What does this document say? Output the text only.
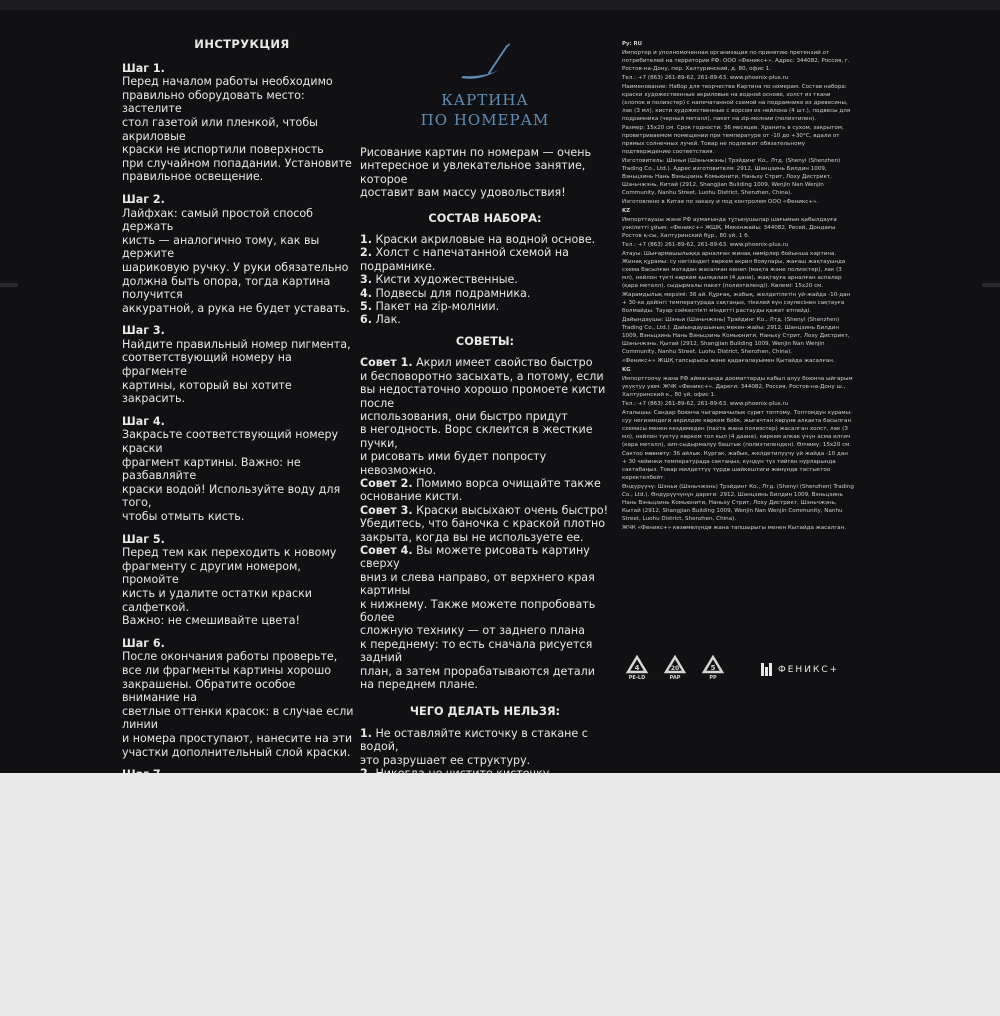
ИНСТРУКЦИЯ
Шаг 1.
Перед началом работы необходимо
правильно оборудовать место: застелите
стол газетой или пленкой, чтобы акриловые
краски не испортили поверхность
при случайном попадании. Установите
правильное освещение.
Шаг 2.
Лайфхак: самый простой способ держать
кисть — аналогично тому, как вы держите
шариковую ручку. У руки обязательно
должна быть опора, тогда картина получится
аккуратной, а рука не будет уставать.
Шаг 3.
Найдите правильный номер пигмента,
соответствующий номеру на фрагменте
картины, который вы хотите закрасить.
Шаг 4.
Закрасьте соответствующий номеру краски
фрагмент картины. Важно: не разбавляйте
краски водой! Используйте воду для того,
чтобы отмыть кисть.
Шаг 5.
Перед тем как переходить к новому
фрагменту с другим номером, промойте
кисть и удалите остатки краски салфеткой.
Важно: не смешивайте цвета!
Шаг 6.
После окончания работы проверьте,
все ли фрагменты картины хорошо
закрашены. Обратите особое внимание на
светлые оттенки красок: в случае если линии
и номера проступают, нанесите на эти
участки дополнительный слой краски.
Шаг 7.
Наносите лак широкими мазками, аккуратно
двигаясь сверху вниз, параллельно нижней
границы картины по номерам.
Рекомендуется брать немного лака на кисть,
чтобы избежать подтеков. После того как лак
нанесен на картину, промойте кисть
и протрите ее насухо.
Важно! Оттенки цветов готового
изделия могут незначительно
отличаться от изображения
на обложке из-за особенностей
цветопередачи.
КАРТИНА
ПО НОМЕРАМ
Рисование картин по номерам — очень
интересное и увлекательное занятие, которое
доставит вам массу удовольствия!
СОСТАВ НАБОРА:
1. Краски акриловые на водной основе.
2. Холст с напечатанной схемой на подрамнике.
3. Кисти художественные.
4. Подвесы для подрамника.
5. Пакет на zip-молнии.
6. Лак.
СОВЕТЫ:
Совет 1. Акрил имеет свойство быстро
и бесповоротно засыхать, а потому, если
вы недостаточно хорошо промоете кисти после
использования, они быстро придут
в негодность. Ворс склеится в жесткие пучки,
и рисовать ими будет попросту невозможно.
Совет 2. Помимо ворса очищайте также
основание кисти.
Совет 3. Краски высыхают очень быстро!
Убедитесь, что баночка с краской плотно
закрыта, когда вы не используете ее.
Совет 4. Вы можете рисовать картину сверху
вниз и слева направо, от верхнего края картины
к нижнему. Также можете попробовать более
сложную технику — от заднего плана
к переднему: то есть сначала рисуется задний
план, а затем прорабатываются детали
на переднем плане.
ЧЕГО ДЕЛАТЬ НЕЛЬЗЯ:
1. Не оставляйте кисточку в стакане с водой,
это разрушает ее структуру.
2. Никогда не чистите кисточку агрессивными
химическими средствами, это плохо скажется
на ее дальнейшем использовании.
3. Не используйте кисточку для размешивания
краски, это разрушает ее волокна.
4. Не счищайте засохшую на кисточке краску
ногтями — это повреждает ее ворсинки,
и они выпадают.

Ру: RU

Импортер и уполномоченная организация по принятию претензий от потребителей на территории РФ: ООО «Феникс+». Адрес: 344082, Россия, г. Ростов-на-Дону, пер. Халтуринский, д. 80, офис 1.

Тел.: +7 (863) 261-89-62, 261-89-63. www.phoenix-plus.ru

Наименование: Набор для творчества Картина по номерам. Состав набора: краски художественные акриловые на водной основе, холст из ткани (хлопок и полиэстер) с напечатанной схемой на подрамнике из древесины, лак (3 мл), кисти художественные с ворсом из нейлона (4 шт.), подвесы для подрамника (черный металл), пакет на zip-молнии (полиэтилен).

Размер: 15х20 см. Срок годности: 36 месяцев. Хранить в сухом, закрытом, проветриваемом помещении при температуре от -10 до +30°С, вдали от прямых солнечных лучей. Товар не подлежит обязательному подтверждению соответствия.

Изготовитель: Шэньи (Шэньчжэнь) Трэйдинг Ко., Лтд. (Shenyi (Shenzhen) Trading Co., Ltd.). Адрес изготовителя: 2912, Шанцзинь Билдин 1009, Вэньцзинь Нань Вэньцзинь Комьюнити, Наньху Стрит, Лоху Дистрикт, Шэньчжэнь, Китай (2912, Shangjian Building 1009, Wenjin Nan Wenjin Community, Nanhu Street, Luohu District, Shenzhen, China).

Изготовлено в Китае по заказу и под контролем ООО «Феникс+».

KZ

Импорттаушы және РФ аумағында тұтынушылар шағымын қабылдауға уәкілетті ұйым: «Феникс+» ЖШҚ. Мекенжайы: 344082, Ресей, Дондағы Ростов қ-сы, Халтуринский бұр., 80 үй, 1 б.

Тел.: +7 (863) 261-89-62, 261-89-63. www.phoenix-plus.ru

Атауы: Шығармашылыққа арналған жинақ нөмірлер бойынша картина. Жинақ құрамы: су негізіндегі көркем акрил бояулары, жағаш жақтауында схема басылған матадан жасалған кенеп (мақта және полиэстер), лак (3 мл), нейлон түкті көркем қылқалам (4 дана), жақтауға арналған аспалар (қара металл), сыдырмалы пакет (полиэтиленді). Көлемі: 15х20 см.

Жарамдылық мерзімі: 36 ай. Құрғақ, жабық, желдетілетін үй-жайда -10-дан + 30-ке дейінгі температурада сақтаңыз, тікелей күн сәулесінен сақтауға болмайды. Тауар сәйкестікті міндетті растауды қажет етпейді.

Дайындаушы: Шэньи (Шэньчжэнь) Трэйдинг Ко., Лтд. (Shenyi (Shenzhen) Trading Co., Ltd.). Дайындаушының мекен-жайы: 2912, Шанцзинь Билдин 1009, Вэньцзинь Нань Вэньцзинь Комьюнити, Наньху Стрит, Лоху Дистрикт, Шэньчжэнь, Қытай (2912, Shangjian Building 1009, Wenjin Nan Wenjin Community, Nanhu Street, Luohu District, Shenzhen, China).

«Феникс+» ЖШҚ тапсырысы және қадағалауымен Қытайда жасалған.

KG

Импорттоочу жана РФ аймагында дооматтарды кабыл алуу боюнча ыйгарым укуктуу уюм: ЖЧК «Феникс+». Дареги: 344082, Россия, Ростов-на-Дону ш., Халтуринский к., 80 үй, офис 1.

Тел.: +7 (863) 261-89-62, 261-89-63. www.phoenix-plus.ru

Аталышы: Сандар боюнча чыгармачылык сүрөт топтому. Топтомдун курамы: суу негизиндеги акрилдик көркем боёк, жыгачтан көрүнө алкакта басылган схемасы менен кездемеден (пахта жана полиэстер) жасалган холст, лак (3 мл), нейлон түктүү көркем тол кыл (4 даана), көркем алкак үчүн асма илгич (кара металл), зип-сыдырмалуу баштык (полиэтиленден). Өлчөмү: 15х20 см.

Сактоо мөөнөтү: 36 айлык. Кургак, жабык, желдетилүүчү үй жайда -10 дан + 30 чейинки температурада сактаңыз, күндүн түз тийген нурларында сактабаңыз. Товар милдеттүү түрдө шайкештиги жөнүндө тастыктоо керектелбейт.

Өндүрүүчү: Шэньи (Шэньчжэнь) Трэйдинг Ко., Лтд. (Shenyi (Shenzhen) Trading Co., Ltd.). Өндүрүүчүнүн дареги: 2912, Шанцзинь Билдин 1009, Вэньцзинь Нань Вэньцзинь Комьюнити, Наньху Стрит, Лоху Дистрикт, Шэньчжэнь, Кытай (2912, Shangjian Building 1009, Wenjin Nan Wenjin Community, Nanhu Street, Luohu District, Shenzhen, China).

ЖЧК «Феникс+» көзөмөлүндө жана тапшырыгы менен Кытайда жасалган.

4
PE-LD
20
PAP
5
PP
ФЕНИКС+
